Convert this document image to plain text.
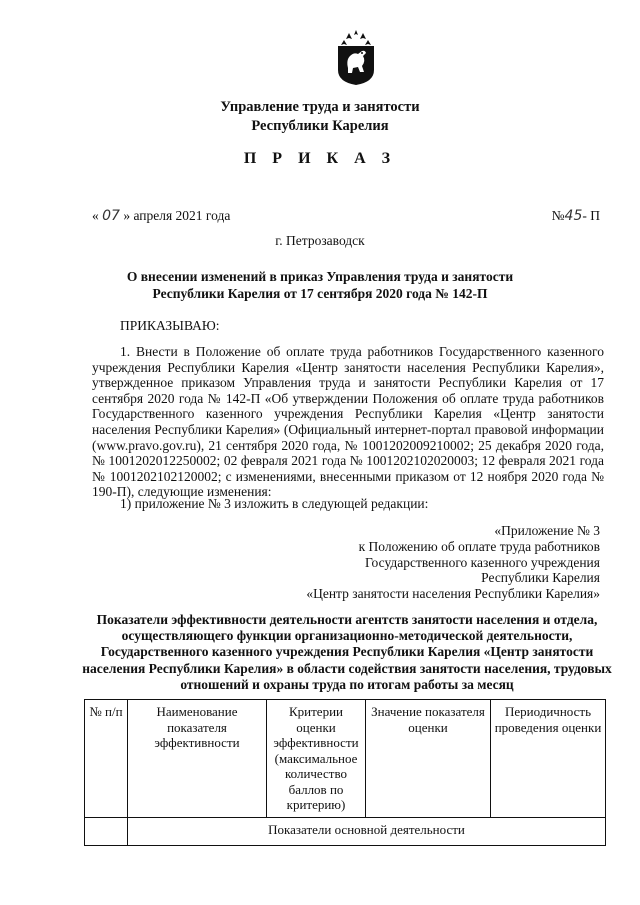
Управление труда и занятости
Республики Карелия
П Р И К А З
« 07 » апреля 2021 года	№45- П
г. Петрозаводск
О внесении изменений в приказ Управления труда и занятости
Республики Карелия от 17 сентября 2020 года № 142-П
ПРИКАЗЫВАЮ:
1. Внести в Положение об оплате труда работников Государственного казенного учреждения Республики Карелия «Центр занятости населения Республики Карелия», утвержденное приказом Управления труда и занятости Республики Карелия от 17 сентября 2020 года № 142-П «Об утверждении Положения об оплате труда работников Государственного казенного учреждения Республики Карелия «Центр занятости населения Республики Карелия» (Официальный интернет-портал правовой информации (www.pravo.gov.ru), 21 сентября 2020 года, № 1001202009210002; 25 декабря 2020 года, № 1001202012250002; 02 февраля 2021 года № 1001202102020003; 12 февраля 2021 года № 1001202102120002; с изменениями, внесенными приказом от 12 ноября 2020 года № 190-П), следующие изменения:
1) приложение № 3 изложить в следующей редакции:
«Приложение № 3
к Положению об оплате труда работников
Государственного казенного учреждения
Республики Карелия
«Центр занятости населения Республики Карелия»
Показатели эффективности деятельности агентств занятости населения и отдела,
осуществляющего функции организационно-методической деятельности,
Государственного казенного учреждения Республики Карелия «Центр занятости
населения Республики Карелия» в области содействия занятости населения, трудовых
отношений и охраны труда по итогам работы за месяц
№ п/п	Наименование показателя эффективности	Критерии оценки эффективности (максимальное количество баллов по критерию)	Значение показателя оценки	Периодичность проведения оценки
	Показатели основной деятельности			
